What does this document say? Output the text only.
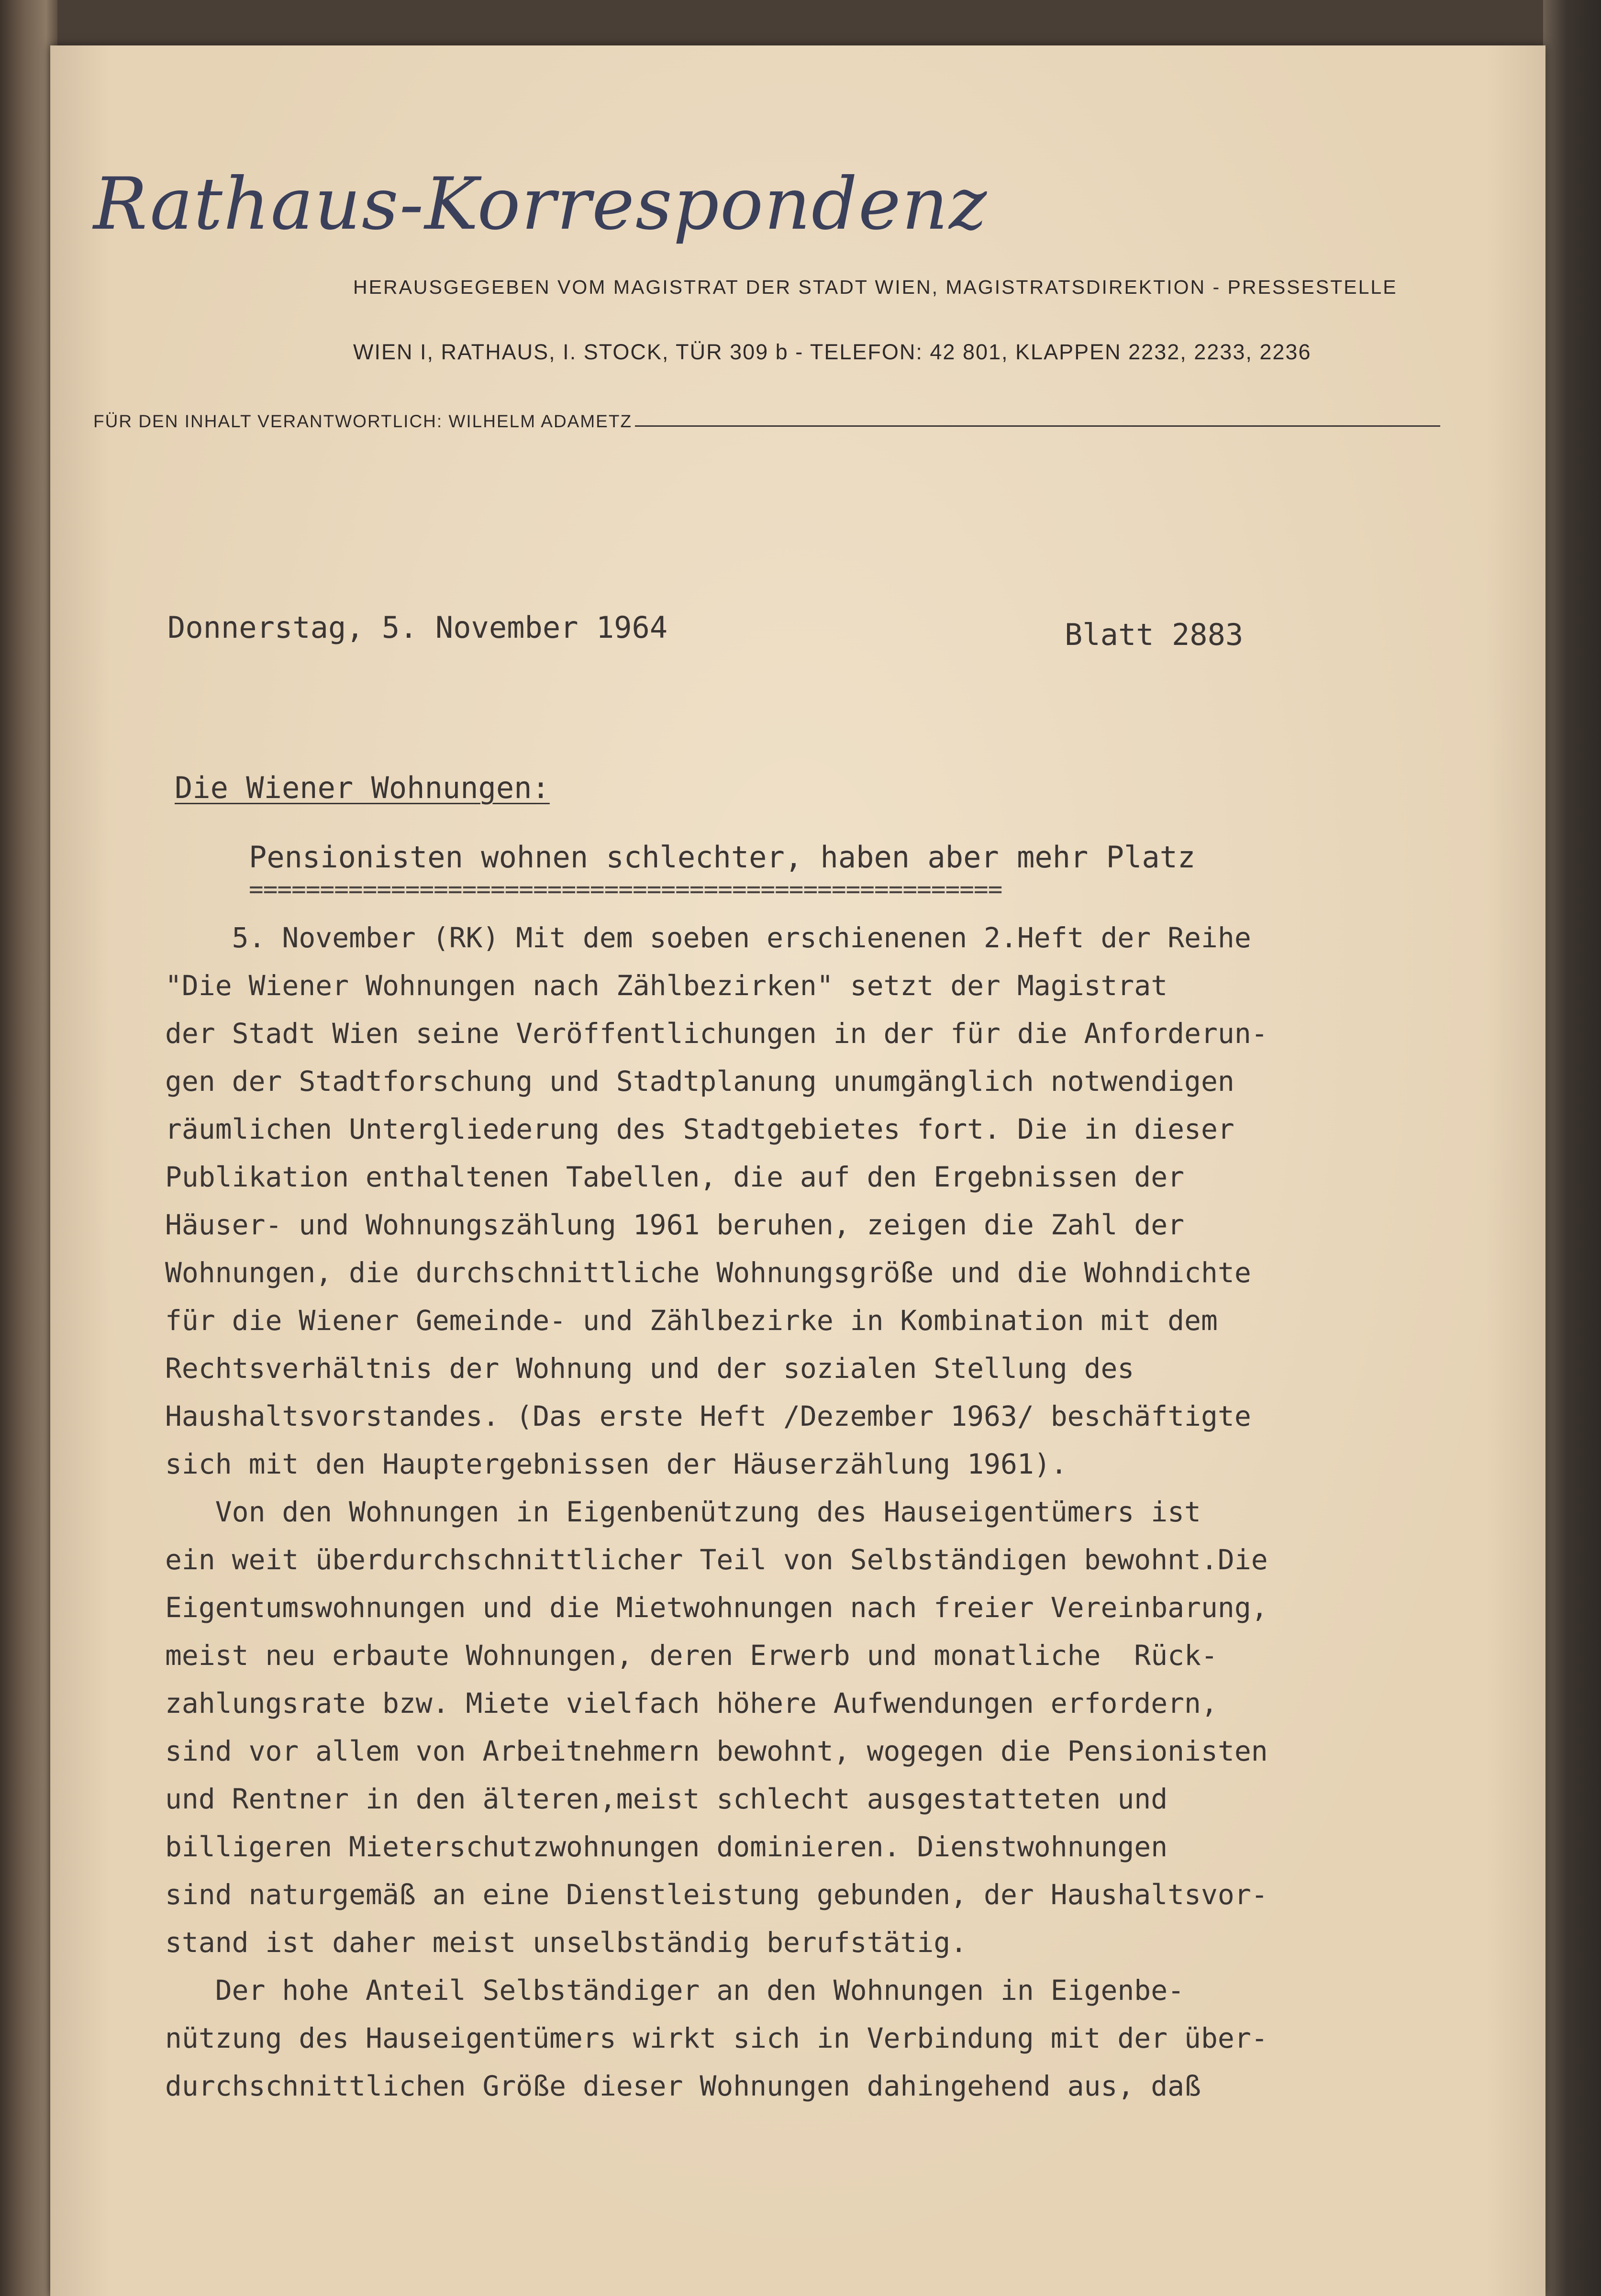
Rathaus-Korrespondenz
HERAUSGEGEBEN VOM MAGISTRAT DER STADT WIEN, MAGISTRATSDIREKTION - PRESSESTELLE
WIEN I, RATHAUS, I. STOCK, TÜR 309 b - TELEFON: 42 801, KLAPPEN 2232, 2233, 2236
FÜR DEN INHALT VERANTWORTLICH: WILHELM ADAMETZ
Donnerstag, 5. November 1964	Blatt 2883
Die Wiener Wohnungen:
Pensionisten wohnen schlechter, haben aber mehr Platz
=====================================================

5. November (RK) Mit dem soeben erschienenen 2.Heft der Reihe
"Die Wiener Wohnungen nach Zählbezirken" setzt der Magistrat
der Stadt Wien seine Veröffentlichungen in der für die Anforderun-
gen der Stadtforschung und Stadtplanung unumgänglich notwendigen
räumlichen Untergliederung des Stadtgebietes fort. Die in dieser
Publikation enthaltenen Tabellen, die auf den Ergebnissen der
Häuser- und Wohnungszählung 1961 beruhen, zeigen die Zahl der
Wohnungen, die durchschnittliche Wohnungsgröße und die Wohndichte
für die Wiener Gemeinde- und Zählbezirke in Kombination mit dem
Rechtsverhältnis der Wohnung und der sozialen Stellung des
Haushaltsvorstandes. (Das erste Heft /Dezember 1963/ beschäftigte
sich mit den Hauptergebnissen der Häuserzählung 1961).

Von den Wohnungen in Eigenbenützung des Hauseigentümers ist
ein weit überdurchschnittlicher Teil von Selbständigen bewohnt.Die
Eigentumswohnungen und die Mietwohnungen nach freier Vereinbarung,
meist neu erbaute Wohnungen, deren Erwerb und monatliche  Rück-
zahlungsrate bzw. Miete vielfach höhere Aufwendungen erfordern,
sind vor allem von Arbeitnehmern bewohnt, wogegen die Pensionisten
und Rentner in den älteren,meist schlecht ausgestatteten und
billigeren Mieterschutzwohnungen dominieren. Dienstwohnungen
sind naturgemäß an eine Dienstleistung gebunden, der Haushaltsvor-
stand ist daher meist unselbständig berufstätig.

Der hohe Anteil Selbständiger an den Wohnungen in Eigenbe-
nützung des Hauseigentümers wirkt sich in Verbindung mit der über-
durchschnittlichen Größe dieser Wohnungen dahingehend aus, daß
